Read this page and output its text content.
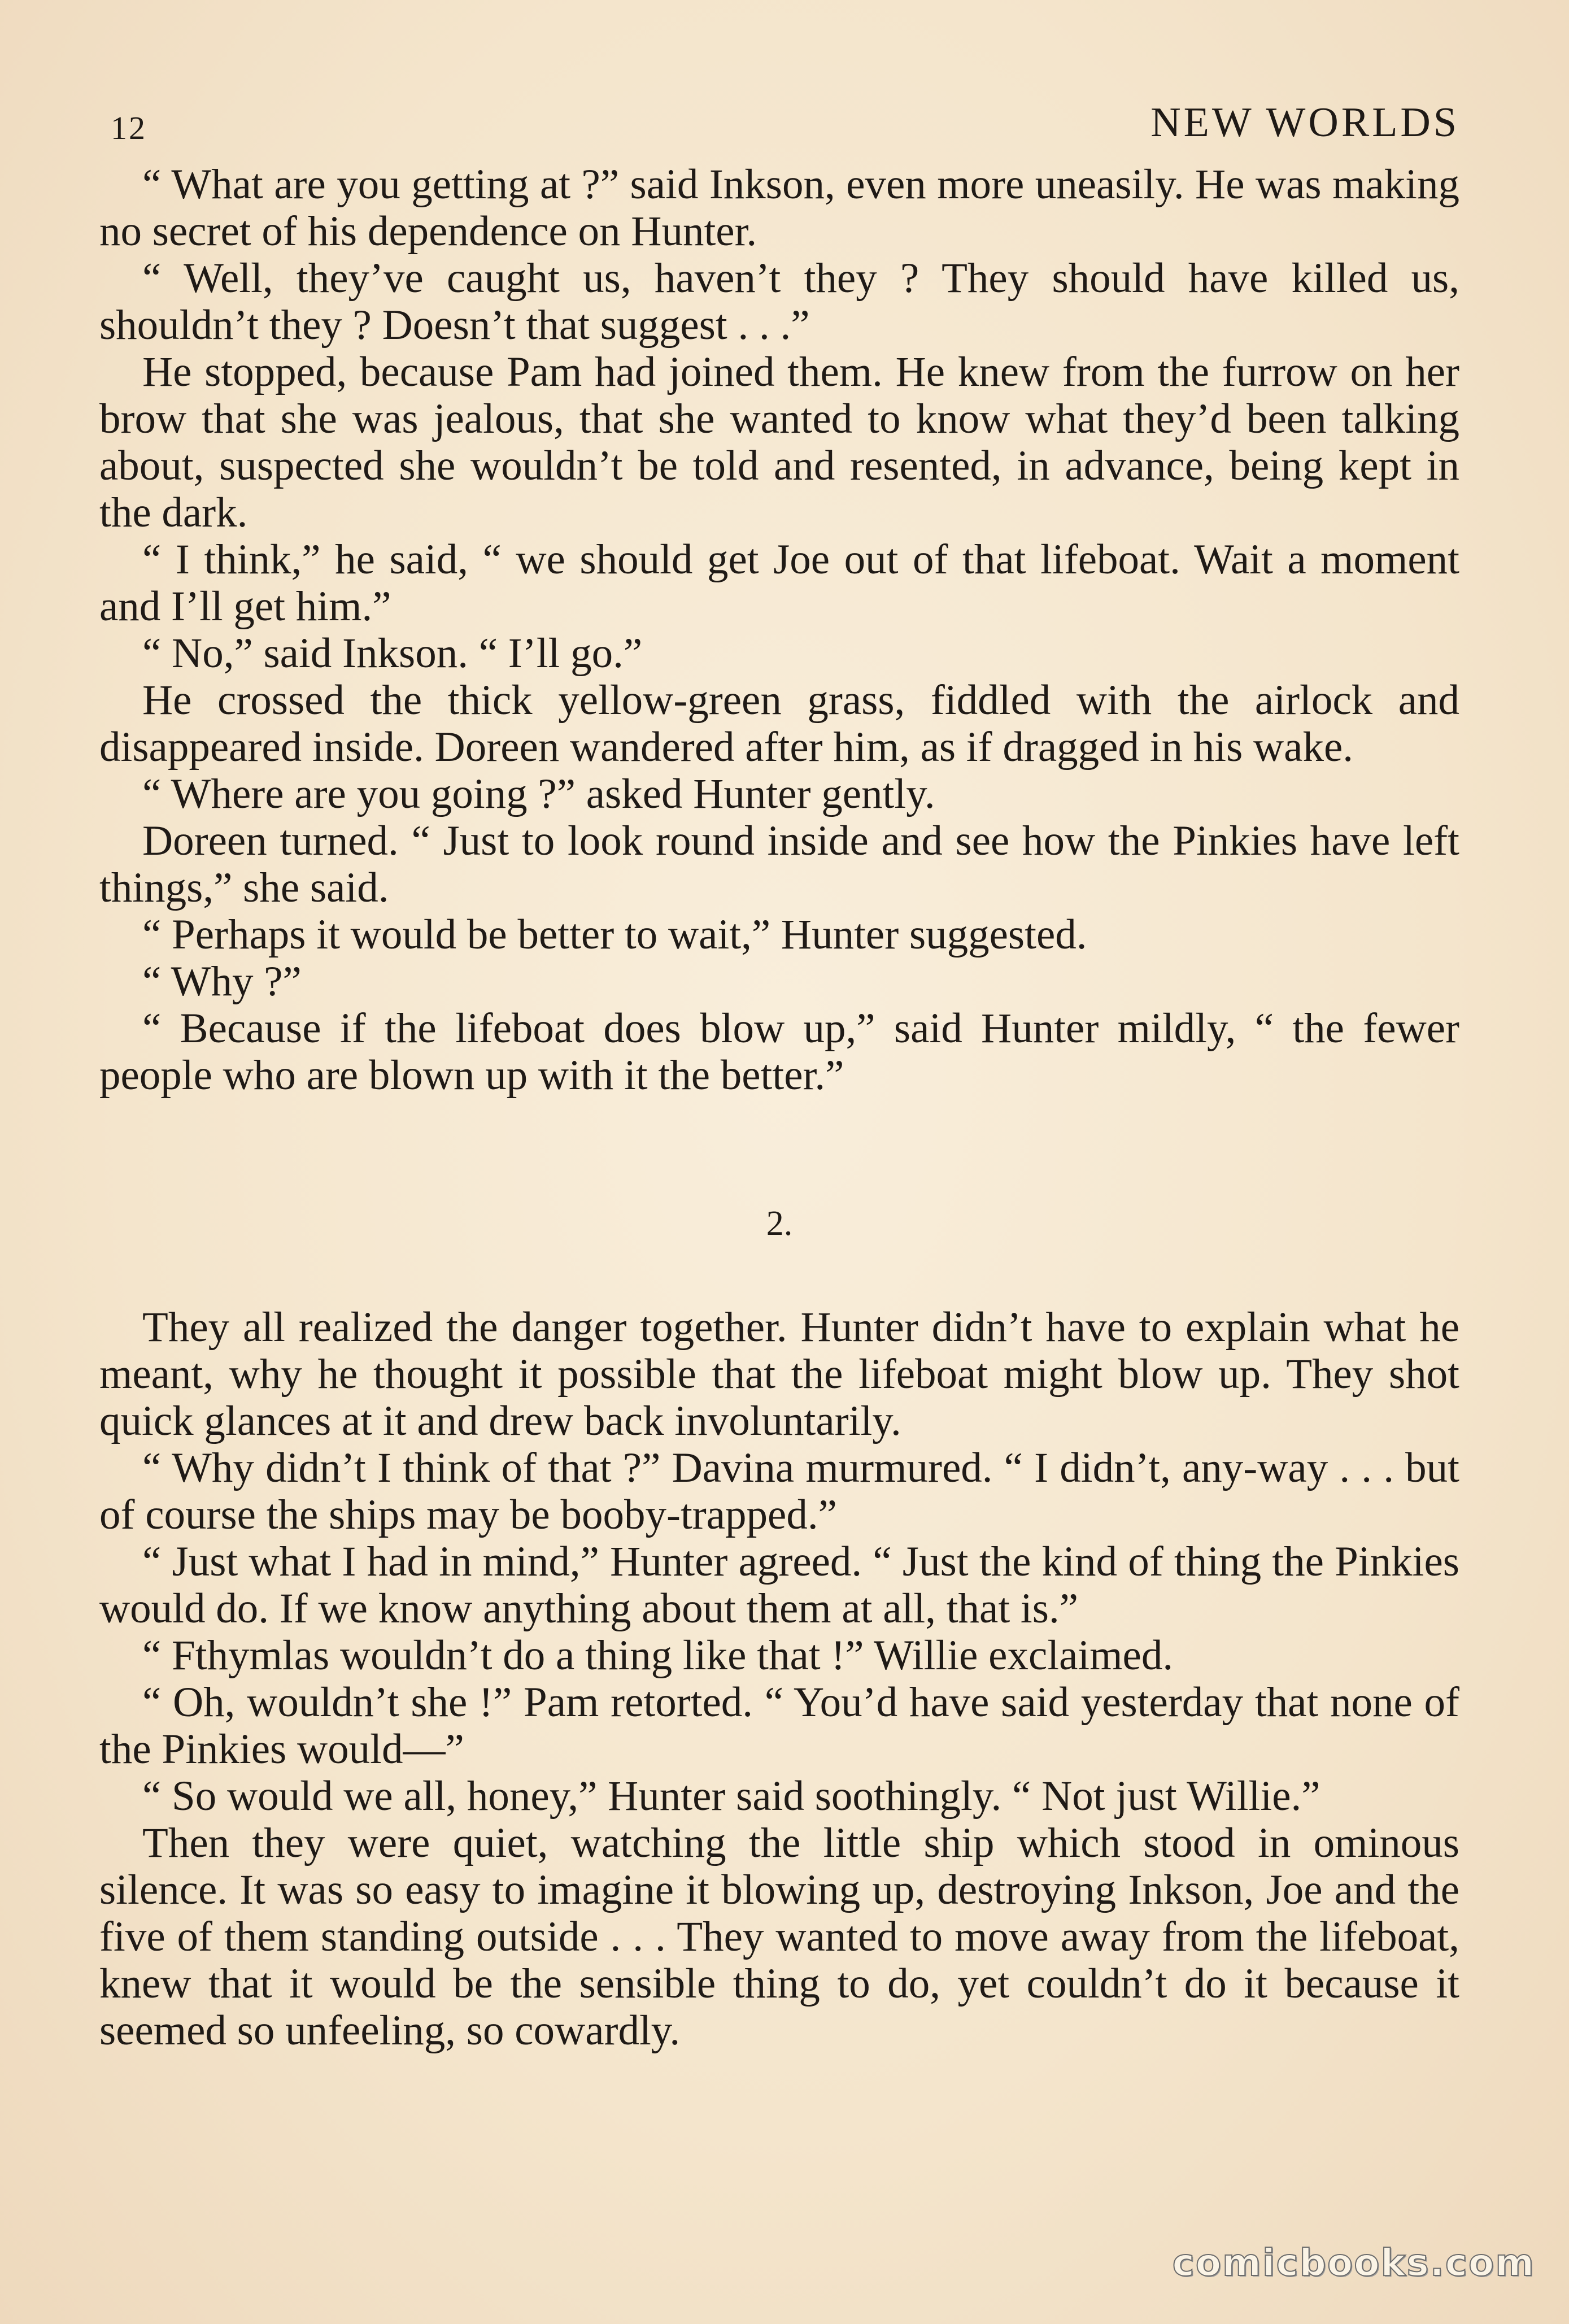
12	NEW WORLDS

“ What are you getting at ?” said Inkson, even more uneasily. He was making no secret of his dependence on Hunter.

“ Well, they’ve caught us, haven’t they ? They should have killed us, shouldn’t they ? Doesn’t that suggest . . .”

He stopped, because Pam had joined them. He knew from the furrow on her brow that she was jealous, that she wanted to know what they’d been talking about, suspected she wouldn’t be told and resented, in advance, being kept in the dark.

“ I think,” he said, “ we should get Joe out of that lifeboat. Wait a moment and I’ll get him.”

“ No,” said Inkson. “ I’ll go.”

He crossed the thick yellow-green grass, fiddled with the airlock and disappeared inside. Doreen wandered after him, as if dragged in his wake.

“ Where are you going ?” asked Hunter gently.

Doreen turned. “ Just to look round inside and see how the Pinkies have left things,” she said.

“ Perhaps it would be better to wait,” Hunter suggested.

“ Why ?”

“ Because if the lifeboat does blow up,” said Hunter mildly, “ the fewer people who are blown up with it the better.”

2.

They all realized the danger together. Hunter didn’t have to explain what he meant, why he thought it possible that the lifeboat might blow up. They shot quick glances at it and drew back involuntarily.

“ Why didn’t I think of that ?” Davina murmured. “ I didn’t, any-way . . . but of course the ships may be booby-trapped.”

“ Just what I had in mind,” Hunter agreed. “ Just the kind of thing the Pinkies would do. If we know anything about them at all, that is.”

“ Fthymlas wouldn’t do a thing like that !” Willie exclaimed.

“ Oh, wouldn’t she !” Pam retorted. “ You’d have said yesterday that none of the Pinkies would—”

“ So would we all, honey,” Hunter said soothingly. “ Not just Willie.”

Then they were quiet, watching the little ship which stood in ominous silence. It was so easy to imagine it blowing up, destroying Inkson, Joe and the five of them standing outside . . . They wanted to move away from the lifeboat, knew that it would be the sensible thing to do, yet couldn’t do it because it seemed so unfeeling, so cowardly.

comicbooks.com
